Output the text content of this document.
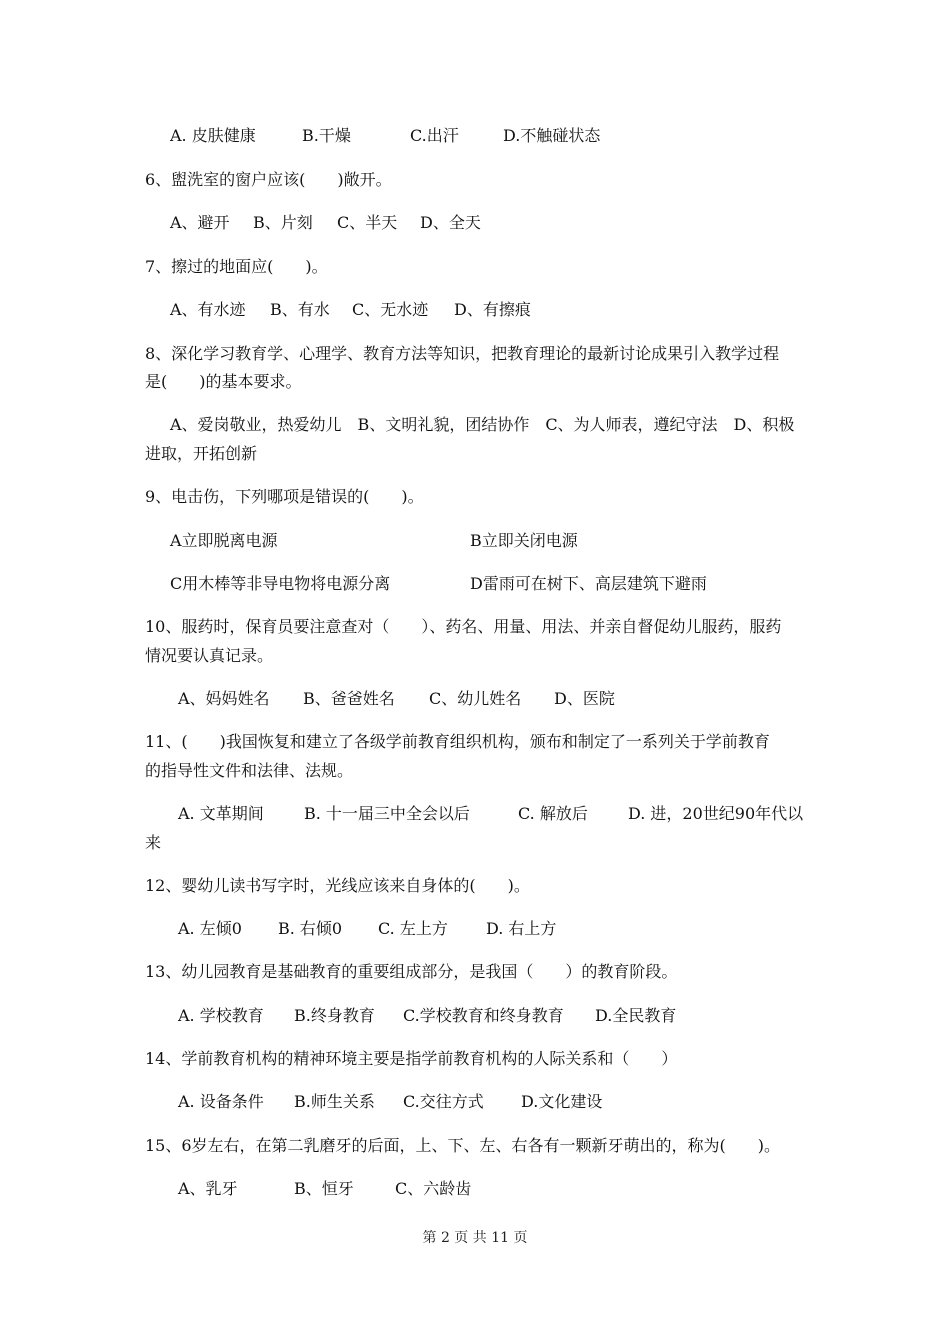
A. 皮肤健康	B.干燥	C.出汗	D.不触碰状态
6、盥洗室的窗户应该(　　)敞开。
A、避开 B、片刻 C、半天 D、全天
7、擦过的地面应(　　)。
A、有水迹 B、有水 C、无水迹 D、有擦痕
8、深化学习教育学、心理学、教育方法等知识，把教育理论的最新讨论成果引入教学过程
是(　　)的基本要求。
A、爱岗敬业，热爱幼儿　B、文明礼貌，团结协作　C、为人师表，遵纪守法　D、积极
进取，开拓创新
9、电击伤，下列哪项是错误的(　　)。
A立即脱离电源	B立即关闭电源
C用木棒等非导电物将电源分离	D雷雨可在树下、高层建筑下避雨
10、服药时，保育员要注意查对（　　）、药名、用量、用法、并亲自督促幼儿服药，服药
情况要认真记录。
A、妈妈姓名 B、爸爸姓名 C、幼儿姓名 D、医院
11、(　　)我国恢复和建立了各级学前教育组织机构，颁布和制定了一系列关于学前教育
的指导性文件和法律、法规。
A. 文革期间	B. 十一届三中全会以后	C. 解放后	D. 进，20世纪90年代以
来
12、婴幼儿读书写字时，光线应该来自身体的(　　)。
A. 左倾0 B. 右倾0 C. 左上方 D. 右上方
13、幼儿园教育是基础教育的重要组成部分，是我国（　　）的教育阶段。
A. 学校教育 B.终身教育 C.学校教育和终身教育 D.全民教育
14、学前教育机构的精神环境主要是指学前教育机构的人际关系和（　　）
A. 设备条件 B.师生关系 C.交往方式 D.文化建设
15、6岁左右，在第二乳磨牙的后面，上、下、左、右各有一颗新牙萌出的，称为(　　)。
A、乳牙	B、恒牙	C、六龄齿
第 2 页 共 11 页
